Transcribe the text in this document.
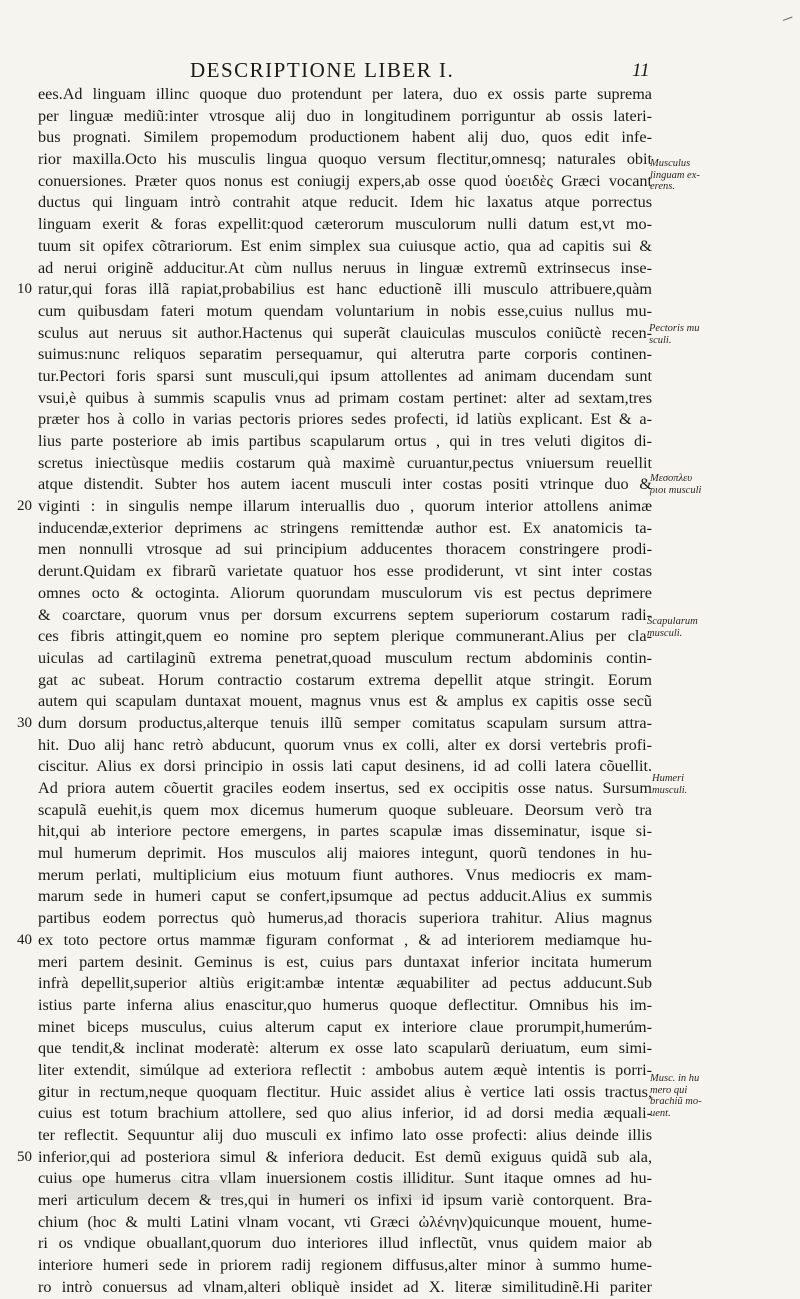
DESCRIPTIONE LIBER I.	11
ees.Ad linguam illinc quoque duo protendunt per latera, duo ex ossis parte suprema
per linguæ mediũ:inter vtrosque alij duo in longitudinem porriguntur ab ossis lateri-
bus prognati. Similem propemodum productionem habent alij duo, quos edit infe-
rior maxilla.Octo his musculis lingua quoquo versum flectitur,omnesq; naturales obit
conuersiones. Præter quos nonus est coniugij expers,ab osse quod ὑοειδὲς Græci vocant
ductus qui linguam intrò contrahit atque reducit. Idem hic laxatus atque porrectus
linguam exerit & foras expellit:quod cæterorum musculorum nulli datum est,vt mo-
tuum sit opifex cõtrariorum. Est enim simplex sua cuiusque actio, qua ad capitis sui &
ad nerui originẽ adducitur.At cùm nullus neruus in linguæ extremũ extrinsecus inse-
10 ratur,qui foras illã rapiat,probabilius est hanc eductionẽ illi musculo attribuere,quàm
cum quibusdam fateri motum quendam voluntarium in nobis esse,cuius nullus mu-
sculus aut neruus sit author.Hactenus qui superãt clauiculas musculos coniũctè recen-
suimus:nunc reliquos separatim persequamur, qui alterutra parte corporis continen-
tur.Pectori foris sparsi sunt musculi,qui ipsum attollentes ad animam ducendam sunt
vsui,è quibus à summis scapulis vnus ad primam costam pertinet: alter ad sextam,tres
præter hos à collo in varias pectoris priores sedes profecti, id latiùs explicant. Est & a-
lius parte posteriore ab imis partibus scapularum ortus , qui in tres veluti digitos di-
scretus iniectùsque mediis costarum quà maximè curuantur,pectus vniuersum reuellit
atque distendit. Subter hos autem iacent musculi inter costas positi vtrinque duo &
20 viginti : in singulis nempe illarum interuallis duo , quorum interior attollens animæ
inducendæ,exterior deprimens ac stringens remittendæ author est. Ex anatomicis ta-
men nonnulli vtrosque ad sui principium adducentes thoracem constringere prodi-
derunt.Quidam ex fibrarũ varietate quatuor hos esse prodiderunt, vt sint inter costas
omnes octo & octoginta. Aliorum quorundam musculorum vis est pectus deprimere
& coarctare, quorum vnus per dorsum excurrens septem superiorum costarum radi-
ces fibris attingit,quem eo nomine pro septem plerique communerant.Alius per cla-
uiculas ad cartilaginũ extrema penetrat,quoad musculum rectum abdominis contin-
gat ac subeat. Horum contractio costarum extrema depellit atque stringit. Eorum
autem qui scapulam duntaxat mouent, magnus vnus est & amplus ex capitis osse secũ
30 dum dorsum productus,alterque tenuis illũ semper comitatus scapulam sursum attra-
hit. Duo alij hanc retrò abducunt, quorum vnus ex colli, alter ex dorsi vertebris profi-
ciscitur. Alius ex dorsi principio in ossis lati caput desinens, id ad colli latera cõuellit.
Ad priora autem cõuertit graciles eodem insertus, sed ex occipitis osse natus. Sursum
scapulã euehit,is quem mox dicemus humerum quoque subleuare. Deorsum verò tra
hit,qui ab interiore pectore emergens, in partes scapulæ imas disseminatur, isque si-
mul humerum deprimit. Hos musculos alij maiores integunt, quorũ tendones in hu-
merum perlati, multiplicium eius motuum fiunt authores. Vnus mediocris ex mam-
marum sede in humeri caput se confert,ipsumque ad pectus adducit.Alius ex summis
partibus eodem porrectus quò humerus,ad thoracis superiora trahitur. Alius magnus
40 ex toto pectore ortus mammæ figuram conformat , & ad interiorem mediamque hu-
meri partem desinit. Geminus is est, cuius pars duntaxat inferior incitata humerum
infrà depellit,superior altiùs erigit:ambæ intentæ æquabiliter ad pectus adducunt.Sub
istius parte inferna alius enascitur,quo humerus quoque deflectitur. Omnibus his im-
minet biceps musculus, cuius alterum caput ex interiore claue prorumpit,humerúm-
que tendit,& inclinat moderatè: alterum ex osse lato scapularũ deriuatum, eum simi-
liter extendit, simúlque ad exteriora reflectit : ambobus autem æquè intentis is porri-
gitur in rectum,neque quoquam flectitur. Huic assidet alius è vertice lati ossis tractus,
cuius est totum brachium attollere, sed quo alius inferior, id ad dorsi media æquali-
ter reflectit. Sequuntur alij duo musculi ex infimo lato osse profecti: alius deinde illis
50 inferior,qui ad posteriora simul & inferiora deducit. Est demũ exiguus quidã sub ala,
cuius ope humerus citra vllam inuersionem costis illiditur. Sunt itaque omnes ad hu-
meri articulum decem & tres,qui in humeri os infixi id ipsum variè contorquent. Bra-
chium (hoc & multi Latini vlnam vocant, vti Græci ὠλένην)quicunque mouent, hume-
ri os vndique obuallant,quorum duo interiores illud inflectũt, vnus quidem maior ab
interiore humeri sede in priorem radij regionem diffusus,alter minor à summo hume-
ro intrò conuersus ad vlnam,alteri obliquè insidet ad X. literæ similitudinẽ.Hi pariter
Musculus
linguam ex-
erens.
Pectoris mu
sculi.
Μεσοπλευ
ριοι musculi
Scapularum
musculi.
Humeri
musculi.
Musc. in hu
mero qui
brachiũ mo-
uent.
